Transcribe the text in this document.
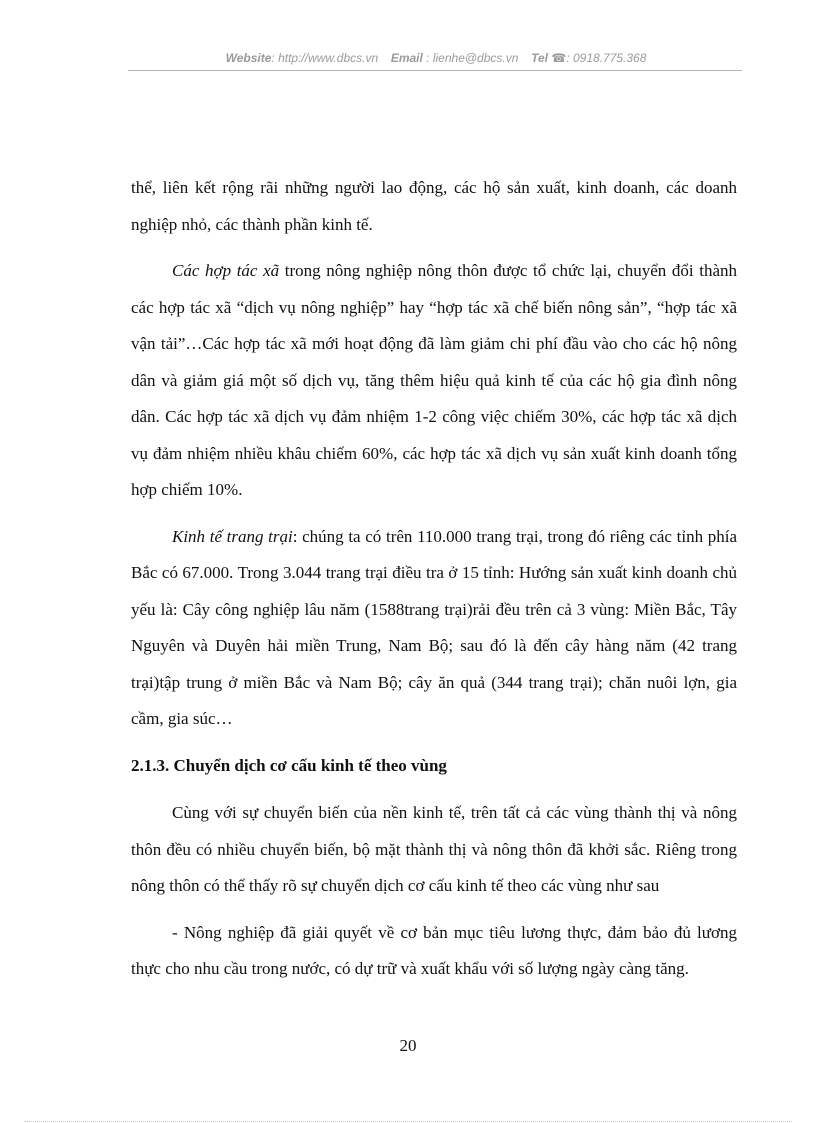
Website: http://www.dbcs.vn Email : lienhe@dbcs.vn Tel ☎: 0918.775.368

thể, liên kết rộng rãi những người lao động, các hộ sản xuất, kinh doanh, các doanh nghiệp nhỏ, các thành phần kinh tế.

Các hợp tác xã trong nông nghiệp nông thôn được tổ chức lại, chuyển đổi thành các hợp tác xã “dịch vụ nông nghiệp” hay “hợp tác xã chế biến nông sản”, “hợp tác xã vận tải”…Các hợp tác xã mới hoạt động đã làm giảm chi phí đầu vào cho các hộ nông dân và giảm giá một số dịch vụ, tăng thêm hiệu quả kinh tế của các hộ gia đình nông dân. Các hợp tác xã dịch vụ đảm nhiệm 1-2 công việc chiếm 30%, các hợp tác xã dịch vụ đảm nhiệm nhiều khâu chiếm 60%, các hợp tác xã dịch vụ sản xuất kinh doanh tổng hợp chiếm 10%.

Kinh tế trang trại: chúng ta có trên 110.000 trang trại, trong đó riêng các tỉnh phía Bắc có 67.000. Trong 3.044 trang trại điều tra ở 15 tỉnh: Hướng sản xuất kinh doanh chủ yếu là: Cây công nghiệp lâu năm (1588trang trại)rải đều trên cả 3 vùng: Miền Bắc, Tây Nguyên và Duyên hải miền Trung, Nam Bộ; sau đó là đến cây hàng năm (42 trang trại)tập trung ở miền Bắc và Nam Bộ; cây ăn quả (344 trang trại); chăn nuôi lợn, gia cầm, gia súc…

2.1.3. Chuyển dịch cơ cấu kinh tế theo vùng

Cùng với sự chuyển biến của nền kinh tế, trên tất cả các vùng thành thị và nông thôn đều có nhiều chuyển biến, bộ mặt thành thị và nông thôn đã khởi sắc. Riêng trong nông thôn có thể thấy rõ sự chuyển dịch cơ cấu kinh tế theo các vùng như sau

- Nông nghiệp đã giải quyết về cơ bản mục tiêu lương thực, đảm bảo đủ lương thực cho nhu cầu trong nước, có dự trữ và xuất khẩu với số lượng ngày càng tăng.

20
